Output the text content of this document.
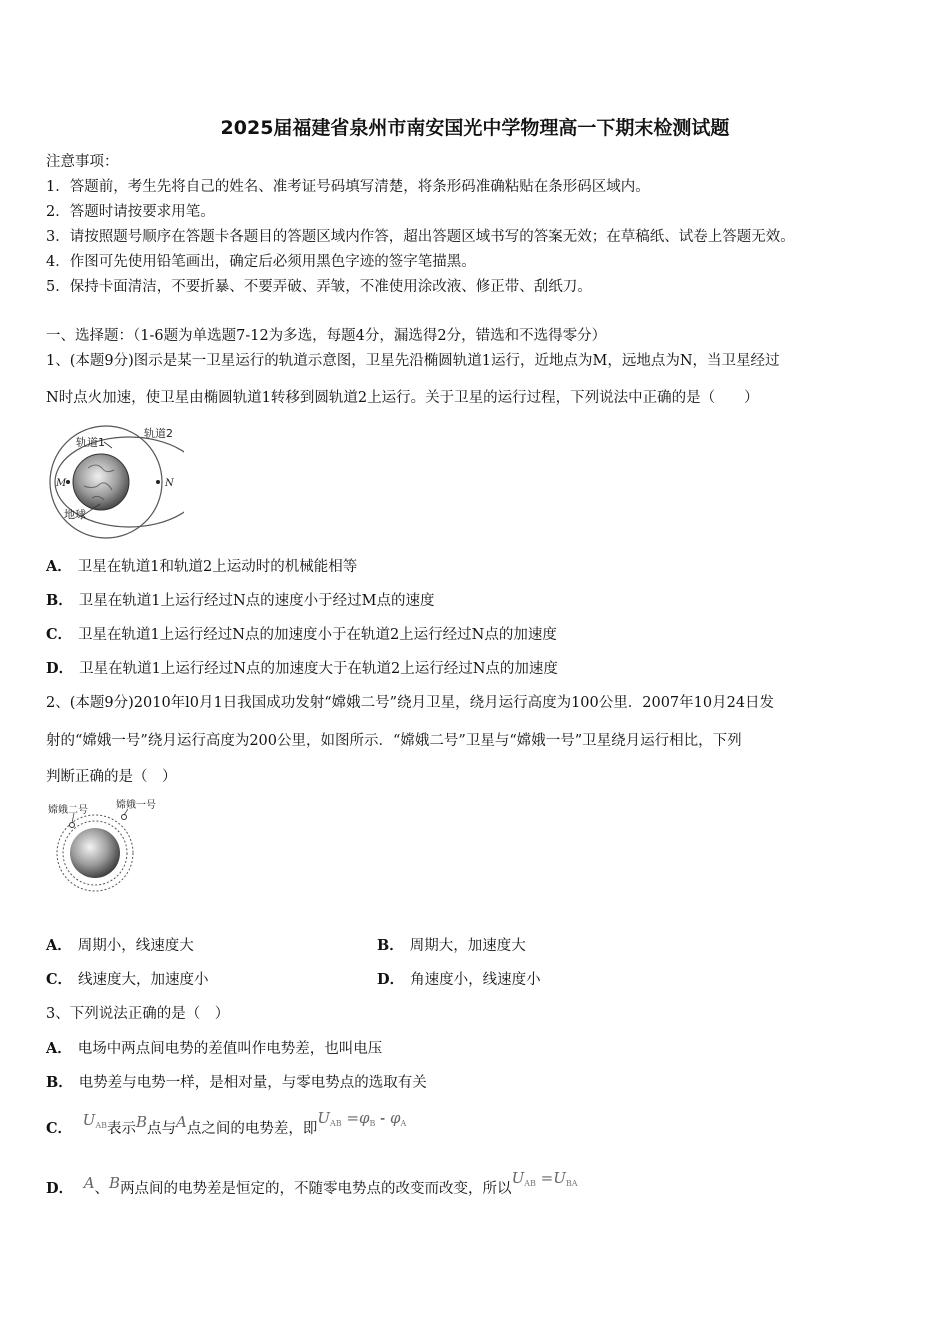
2025届福建省泉州市南安国光中学物理高一下期末检测试题
注意事项：
1．答题前，考生先将自己的姓名、准考证号码填写清楚，将条形码准确粘贴在条形码区域内。
2．答题时请按要求用笔。
3．请按照题号顺序在答题卡各题目的答题区域内作答，超出答题区域书写的答案无效；在草稿纸、试卷上答题无效。
4．作图可先使用铅笔画出，确定后必须用黑色字迹的签字笔描黑。
5．保持卡面清洁，不要折暴、不要弄破、弄皱，不准使用涂改液、修正带、刮纸刀。
一、选择题：（1-6题为单选题7-12为多选，每题4分，漏选得2分，错选和不选得零分）
1、(本题9分)图示是某一卫星运行的轨道示意图，卫星先沿椭圆轨道1运行，近地点为M，远地点为N，当卫星经过
N时点火加速，使卫星由椭圆轨道1转移到圆轨道2上运行。关于卫星的运行过程，下列说法中正确的是（　　）
轨道1
轨道2
M	N
地球
A． 卫星在轨道1和轨道2上运动时的机械能相等
B． 卫星在轨道1上运行经过N点的速度小于经过M点的速度
C． 卫星在轨道1上运行经过N点的加速度小于在轨道2上运行经过N点的加速度
D． 卫星在轨道1上运行经过N点的加速度大于在轨道2上运行经过N点的加速度
2、(本题9分)2010年l0月1日我国成功发射“嫦娥二号”绕月卫星，绕月运行高度为100公里．2007年10月24日发
射的“嫦娥一号”绕月运行高度为200公里，如图所示．“嫦娥二号”卫星与“嫦娥一号”卫星绕月运行相比，下列
判断正确的是（　）
嫦娥二号	嫦娥一号
A． 周期小，线速度大	B． 周期大，加速度大
C． 线速度大，加速度小	D． 角速度小，线速度小
3、下列说法正确的是（　）
A． 电场中两点间电势的差值叫作电势差，也叫电压
B． 电势差与电势一样，是相对量，与零电势点的选取有关
C． $U_{AB}$表示B点与A点之间的电势差，即$U_{AB} =\varphi_B - \varphi_A$
D． A、B两点间的电势差是恒定的，不随零电势点的改变而改变，所以$U_{AB} =U_{BA}$
